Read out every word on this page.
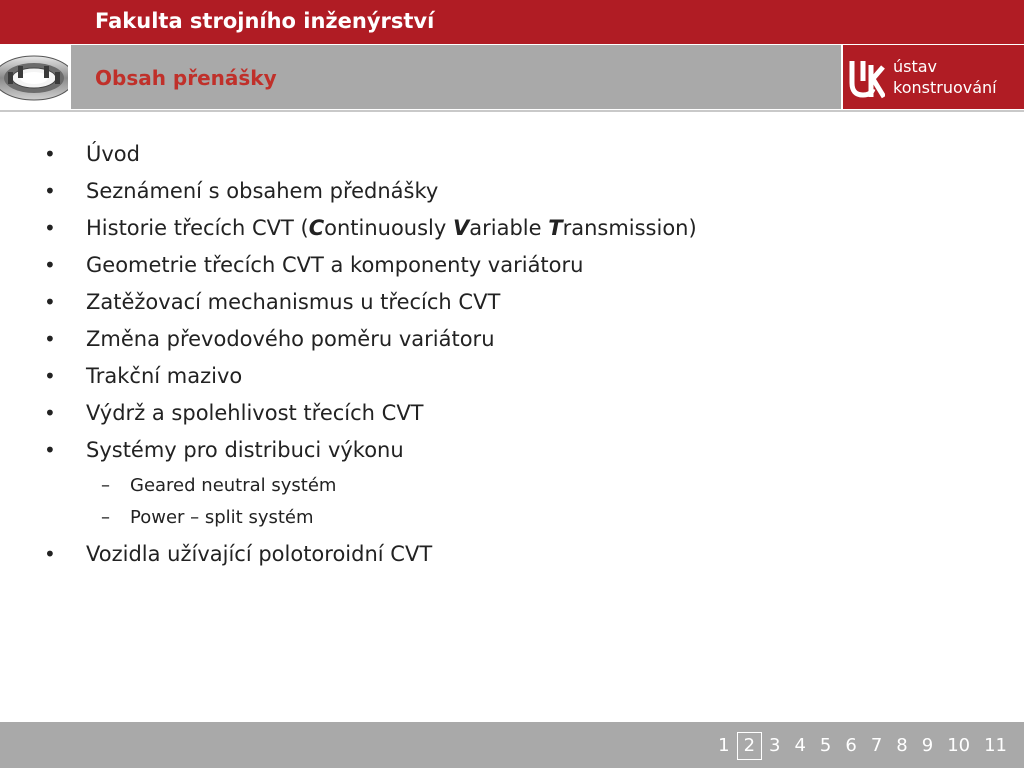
Fakulta strojního inženýrství
Obsah přenášky	ústav
konstruování
• Úvod
• Seznámení s obsahem přednášky
• Historie třecích CVT (Continuously Variable Transmission)
• Geometrie třecích CVT a komponenty variátoru
• Zatěžovací mechanismus u třecích CVT
• Změna převodového poměru variátoru
• Trakční mazivo
• Výdrž a spolehlivost třecích CVT
• Systémy pro distribuci výkonu
– Geared neutral systém
– Power – split systém
• Vozidla užívající polotoroidní CVT
1 2 3 4 5 6 7 8 9 10 11
